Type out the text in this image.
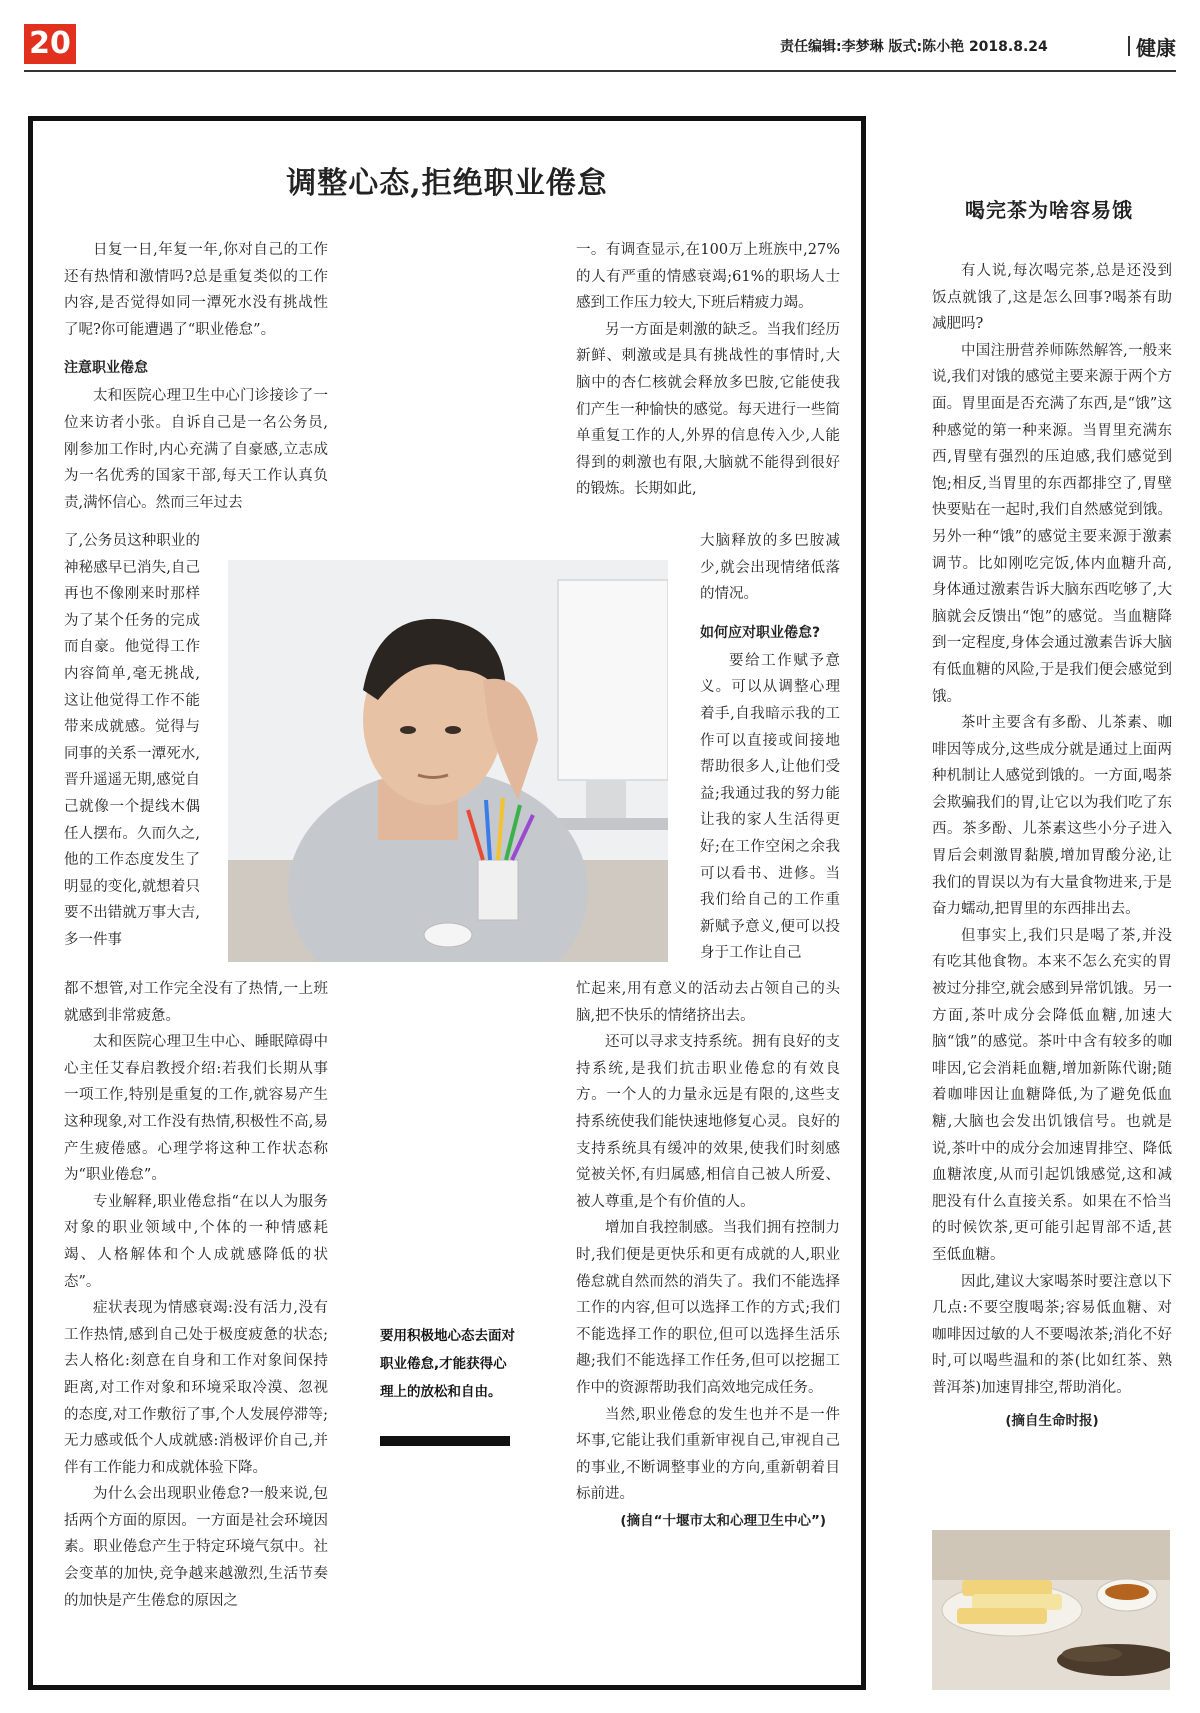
20	责任编辑:李梦琳 版式:陈小艳 2018.8.24	健康
调整心态,拒绝职业倦怠

日复一日,年复一年,你对自己的工作还有热情和激情吗?总是重复类似的工作内容,是否觉得如同一潭死水没有挑战性了呢?你可能遭遇了“职业倦怠”。

注意职业倦怠

太和医院心理卫生中心门诊接诊了一位来访者小张。自诉自己是一名公务员,刚参加工作时,内心充满了自豪感,立志成为一名优秀的国家干部,每天工作认真负责,满怀信心。然而三年过去

了,公务员这种职业的神秘感早已消失,自己再也不像刚来时那样为了某个任务的完成而自豪。他觉得工作内容简单,毫无挑战,这让他觉得工作不能带来成就感。觉得与同事的关系一潭死水,晋升遥遥无期,感觉自己就像一个提线木偶任人摆布。久而久之,他的工作态度发生了明显的变化,就想着只要不出错就万事大吉,多一件事

都不想管,对工作完全没有了热情,一上班就感到非常疲惫。

太和医院心理卫生中心、睡眠障碍中心主任艾春启教授介绍:若我们长期从事一项工作,特别是重复的工作,就容易产生这种现象,对工作没有热情,积极性不高,易产生疲倦感。心理学将这种工作状态称为“职业倦怠”。

专业解释,职业倦怠指“在以人为服务对象的职业领域中,个体的一种情感耗竭、人格解体和个人成就感降低的状态”。

症状表现为情感衰竭:没有活力,没有工作热情,感到自己处于极度疲惫的状态;去人格化:刻意在自身和工作对象间保持距离,对工作对象和环境采取冷漠、忽视的态度,对工作敷衍了事,个人发展停滞等;无力感或低个人成就感:消极评价自己,并伴有工作能力和成就体验下降。

为什么会出现职业倦怠?一般来说,包括两个方面的原因。一方面是社会环境因素。职业倦怠产生于特定环境气氛中。社会变革的加快,竞争越来越激烈,生活节奏的加快是产生倦怠的原因之

一。有调查显示,在100万上班族中,27%的人有严重的情感衰竭;61%的职场人士感到工作压力较大,下班后精疲力竭。

另一方面是刺激的缺乏。当我们经历新鲜、刺激或是具有挑战性的事情时,大脑中的杏仁核就会释放多巴胺,它能使我们产生一种愉快的感觉。每天进行一些简单重复工作的人,外界的信息传入少,人能得到的刺激也有限,大脑就不能得到很好的锻炼。长期如此,

大脑释放的多巴胺减少,就会出现情绪低落的情况。

如何应对职业倦怠?

要给工作赋予意义。可以从调整心理着手,自我暗示我的工作可以直接或间接地帮助很多人,让他们受益;我通过我的努力能让我的家人生活得更好;在工作空闲之余我可以看书、进修。当我们给自己的工作重新赋予意义,便可以投身于工作让自己

忙起来,用有意义的活动去占领自己的头脑,把不快乐的情绪挤出去。

还可以寻求支持系统。拥有良好的支持系统,是我们抗击职业倦怠的有效良方。一个人的力量永远是有限的,这些支持系统使我们能快速地修复心灵。良好的支持系统具有缓冲的效果,使我们时刻感觉被关怀,有归属感,相信自己被人所爱、被人尊重,是个有价值的人。

增加自我控制感。当我们拥有控制力时,我们便是更快乐和更有成就的人,职业倦怠就自然而然的消失了。我们不能选择工作的内容,但可以选择工作的方式;我们不能选择工作的职位,但可以选择生活乐趣;我们不能选择工作任务,但可以挖掘工作中的资源帮助我们高效地完成任务。

当然,职业倦怠的发生也并不是一件坏事,它能让我们重新审视自己,审视自己的事业,不断调整事业的方向,重新朝着目标前进。

(摘自“十堰市太和心理卫生中心”)

要用积极地心态去面对职业倦怠,才能获得心理上的放松和自由。
喝完茶为啥容易饿

有人说,每次喝完茶,总是还没到饭点就饿了,这是怎么回事?喝茶有助减肥吗?

中国注册营养师陈然解答,一般来说,我们对饿的感觉主要来源于两个方面。胃里面是否充满了东西,是“饿”这种感觉的第一种来源。当胃里充满东西,胃壁有强烈的压迫感,我们感觉到饱;相反,当胃里的东西都排空了,胃壁快要贴在一起时,我们自然感觉到饿。另外一种“饿”的感觉主要来源于激素调节。比如刚吃完饭,体内血糖升高,身体通过激素告诉大脑东西吃够了,大脑就会反馈出“饱”的感觉。当血糖降到一定程度,身体会通过激素告诉大脑有低血糖的风险,于是我们便会感觉到饿。

茶叶主要含有多酚、儿茶素、咖啡因等成分,这些成分就是通过上面两种机制让人感觉到饿的。一方面,喝茶会欺骗我们的胃,让它以为我们吃了东西。茶多酚、儿茶素这些小分子进入胃后会刺激胃黏膜,增加胃酸分泌,让我们的胃误以为有大量食物进来,于是奋力蠕动,把胃里的东西排出去。

但事实上,我们只是喝了茶,并没有吃其他食物。本来不怎么充实的胃被过分排空,就会感到异常饥饿。另一方面,茶叶成分会降低血糖,加速大脑“饿”的感觉。茶叶中含有较多的咖啡因,它会消耗血糖,增加新陈代谢;随着咖啡因让血糖降低,为了避免低血糖,大脑也会发出饥饿信号。也就是说,茶叶中的成分会加速胃排空、降低血糖浓度,从而引起饥饿感觉,这和减肥没有什么直接关系。如果在不恰当的时候饮茶,更可能引起胃部不适,甚至低血糖。

因此,建议大家喝茶时要注意以下几点:不要空腹喝茶;容易低血糖、对咖啡因过敏的人不要喝浓茶;消化不好时,可以喝些温和的茶(比如红茶、熟普洱茶)加速胃排空,帮助消化。

(摘自生命时报)
